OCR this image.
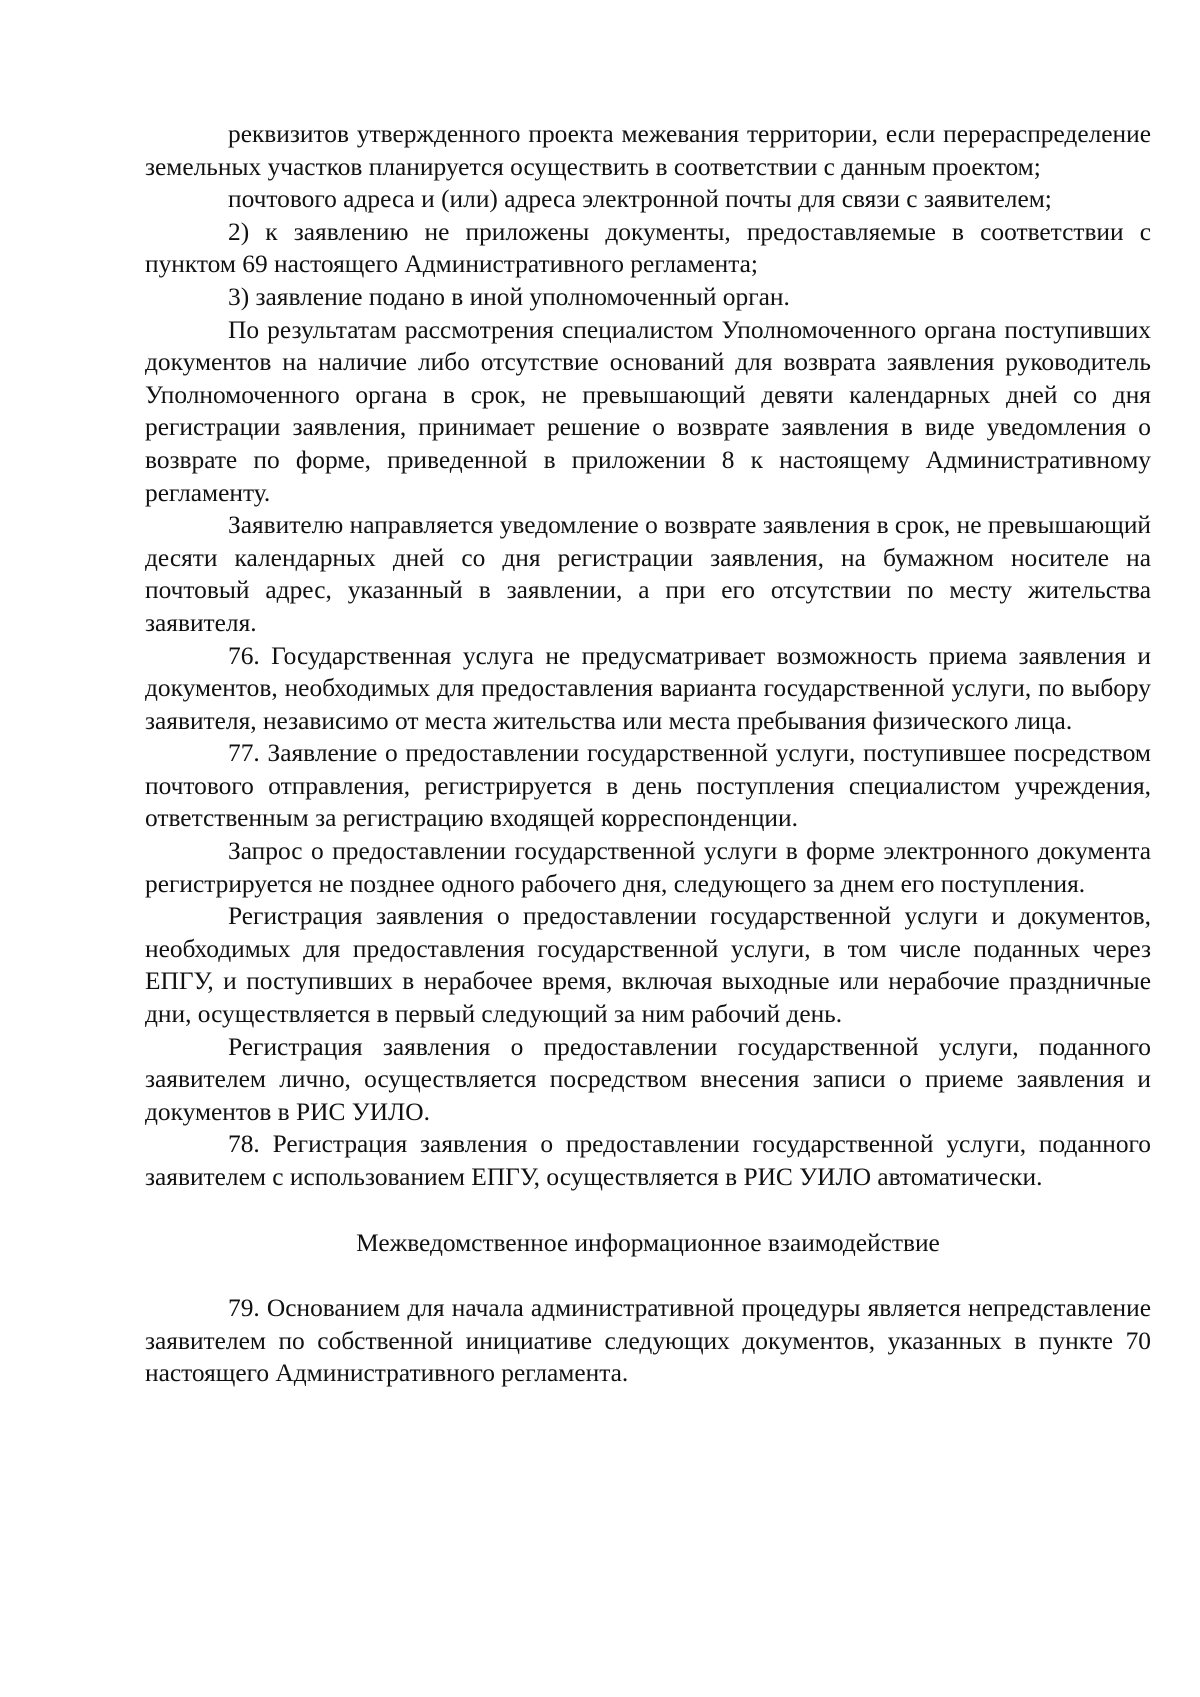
реквизитов утвержденного проекта межевания территории, если перераспределение земельных участков планируется осуществить в соответствии с данным проектом;

почтового адреса и (или) адреса электронной почты для связи с заявителем;

2) к заявлению не приложены документы, предоставляемые в соответствии с пунктом 69 настоящего Административного регламента;

3) заявление подано в иной уполномоченный орган.

По результатам рассмотрения специалистом Уполномоченного органа поступивших документов на наличие либо отсутствие оснований для возврата заявления руководитель Уполномоченного органа в срок, не превышающий девяти календарных дней со дня регистрации заявления, принимает решение о возврате заявления в виде уведомления о возврате по форме, приведенной в приложении 8 к настоящему Административному регламенту.

Заявителю направляется уведомление о возврате заявления в срок, не превышающий десяти календарных дней со дня регистрации заявления, на бумажном носителе на почтовый адрес, указанный в заявлении, а при его отсутствии по месту жительства заявителя.

76. Государственная услуга не предусматривает возможность приема заявления и документов, необходимых для предоставления варианта государственной услуги, по выбору заявителя, независимо от места жительства или места пребывания физического лица.

77. Заявление о предоставлении государственной услуги, поступившее посредством почтового отправления, регистрируется в день поступления специалистом учреждения, ответственным за регистрацию входящей корреспонденции.

Запрос о предоставлении государственной услуги в форме электронного документа регистрируется не позднее одного рабочего дня, следующего за днем его поступления.

Регистрация заявления о предоставлении государственной услуги и документов, необходимых для предоставления государственной услуги, в том числе поданных через ЕПГУ, и поступивших в нерабочее время, включая выходные или нерабочие праздничные дни, осуществляется в первый следующий за ним рабочий день.

Регистрация заявления о предоставлении государственной услуги, поданного заявителем лично, осуществляется посредством внесения записи о приеме заявления и документов в РИС УИЛО.

78. Регистрация заявления о предоставлении государственной услуги, поданного заявителем с использованием ЕПГУ, осуществляется в РИС УИЛО автоматически.

Межведомственное информационное взаимодействие

79. Основанием для начала административной процедуры является непредставление заявителем по собственной инициативе следующих документов, указанных в пункте 70 настоящего Административного регламента.
